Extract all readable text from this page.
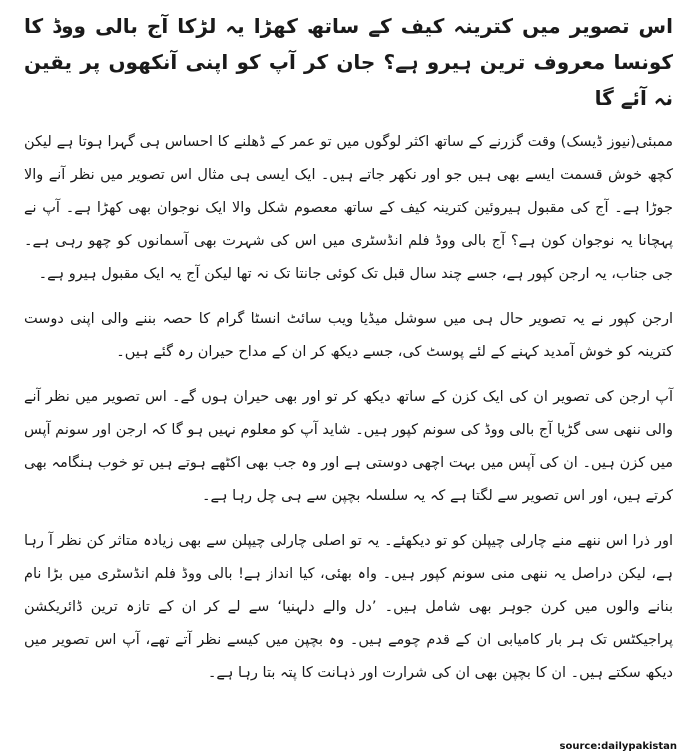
اس تصویر میں کترینہ کیف کے ساتھ کھڑا یہ لڑکا آج بالی ووڈ کا کونسا معروف ترین ہیرو ہے؟ جان کر آپ کو اپنی آنکھوں پر یقین نہ آئے گا

ممبئی(نیوز ڈیسک) وقت گزرنے کے ساتھ اکثر لوگوں میں تو عمر کے ڈھلنے کا احساس ہی گہرا ہوتا ہے لیکن کچھ خوش قسمت ایسے بھی ہیں جو اور نکھر جاتے ہیں۔ ایک ایسی ہی مثال اس تصویر میں نظر آنے والا جوڑا ہے۔ آج کی مقبول ہیروئین کترینہ کیف کے ساتھ معصوم شکل والا ایک نوجوان بھی کھڑا ہے۔ آپ نے پہچانا یہ نوجوان کون ہے؟ آج بالی ووڈ فلم انڈسٹری میں اس کی شہرت بھی آسمانوں کو چھو رہی ہے۔ جی جناب، یہ ارجن کپور ہے، جسے چند سال قبل تک کوئی جانتا تک نہ تھا لیکن آج یہ ایک مقبول ہیرو ہے۔

ارجن کپور نے یہ تصویر حال ہی میں سوشل میڈیا ویب سائٹ انسٹا گرام کا حصہ بننے والی اپنی دوست کترینہ کو خوش آمدید کہنے کے لئے پوسٹ کی، جسے دیکھ کر ان کے مداح حیران رہ گئے ہیں۔

آپ ارجن کی تصویر ان کی ایک کزن کے ساتھ دیکھ کر تو اور بھی حیران ہوں گے۔ اس تصویر میں نظر آنے والی ننھی سی گڑیا آج بالی ووڈ کی سونم کپور ہیں۔ شاید آپ کو معلوم نہیں ہو گا کہ ارجن اور سونم آپس میں کزن ہیں۔ ان کی آپس میں بہت اچھی دوستی ہے اور وہ جب بھی اکٹھے ہوتے ہیں تو خوب ہنگامہ بھی کرتے ہیں، اور اس تصویر سے لگتا ہے کہ یہ سلسلہ بچپن سے ہی چل رہا ہے۔

اور ذرا اس ننھے منے چارلی چیپلن کو تو دیکھئے۔ یہ تو اصلی چارلی چیپلن سے بھی زیادہ متاثر کن نظر آ رہا ہے، لیکن دراصل یہ ننھی منی سونم کپور ہیں۔ واہ بھئی، کیا انداز ہے! بالی ووڈ فلم انڈسٹری میں بڑا نام بنانے والوں میں کرن جوہر بھی شامل ہیں۔ ’دل والے دلہنیا‘ سے لے کر ان کے تازہ ترین ڈائریکشن پراجیکٹس تک ہر بار کامیابی ان کے قدم چومے ہیں۔ وہ بچپن میں کیسے نظر آتے تھے، آپ اس تصویر میں دیکھ سکتے ہیں۔ ان کا بچپن بھی ان کی شرارت اور ذہانت کا پتہ بتا رہا ہے۔

source:dailypakistan
